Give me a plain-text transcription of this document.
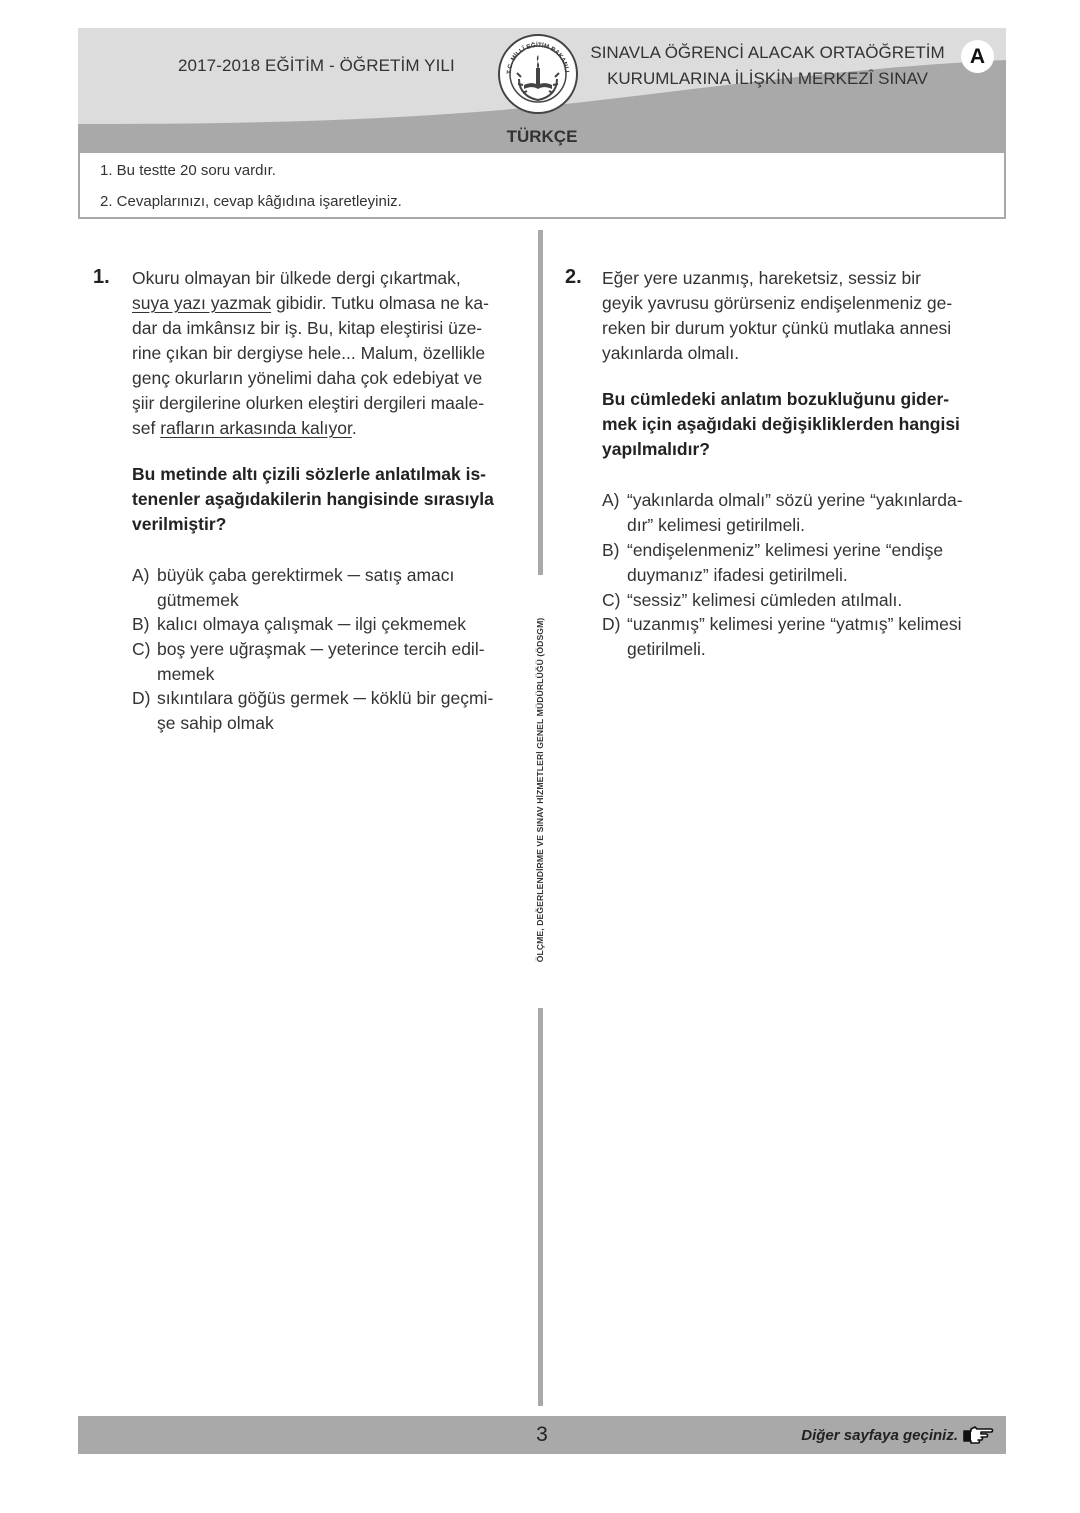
2017-2018 EĞİTİM - ÖĞRETİM YILI	T.C. MİLLÎ EĞİTİM BAKANLI
SINAVLA ÖĞRENCİ ALACAK ORTAÖĞRETİM
KURUMLARINA İLİŞKİN MERKEZÎ SINAV
A
TÜRKÇE

1. Bu testte 20 soru vardır.

2. Cevaplarınızı, cevap kâğıdına işaretleyiniz.

ÖLÇME, DEĞERLENDİRME VE SINAV HİZMETLERİ GENEL MÜDÜRLÜĞÜ (ÖDSGM)
1. Okuru olmayan bir ülkede dergi çıkartmak,
suya yazı yazmak gibidir. Tutku olmasa ne ka-
dar da imkânsız bir iş. Bu, kitap eleştirisi üze-
rine çıkan bir dergiyse hele... Malum, özellikle
genç okurların yönelimi daha çok edebiyat ve
şiir dergilerine olurken eleştiri dergileri maale-
sef rafların arkasında kalıyor.
Bu metinde altı çizili sözlerle anlatılmak is-
tenenler aşağıdakilerin hangisinde sırasıyla
verilmiştir?
A) büyük çaba gerektirmek ─ satış amacı
gütmemek
B) kalıcı olmaya çalışmak ─ ilgi çekmemek
C) boş yere uğraşmak ─ yeterince tercih edil-
memek
D) sıkıntılara göğüs germek ─ köklü bir geçmi-
şe sahip olmak
2. Eğer yere uzanmış, hareketsiz, sessiz bir
geyik yavrusu görürseniz endişelenmeniz ge-
reken bir durum yoktur çünkü mutlaka annesi
yakınlarda olmalı.
Bu cümledeki anlatım bozukluğunu gider-
mek için aşağıdaki değişikliklerden hangisi
yapılmalıdır?
A) “yakınlarda olmalı” sözü yerine “yakınlarda-
dır” kelimesi getirilmeli.
B) “endişelenmeniz” kelimesi yerine “endişe
duymanız” ifadesi getirilmeli.
C) “sessiz” kelimesi cümleden atılmalı.
D) “uzanmış” kelimesi yerine “yatmış” kelimesi
getirilmeli.
3	Diğer sayfaya geçiniz.
